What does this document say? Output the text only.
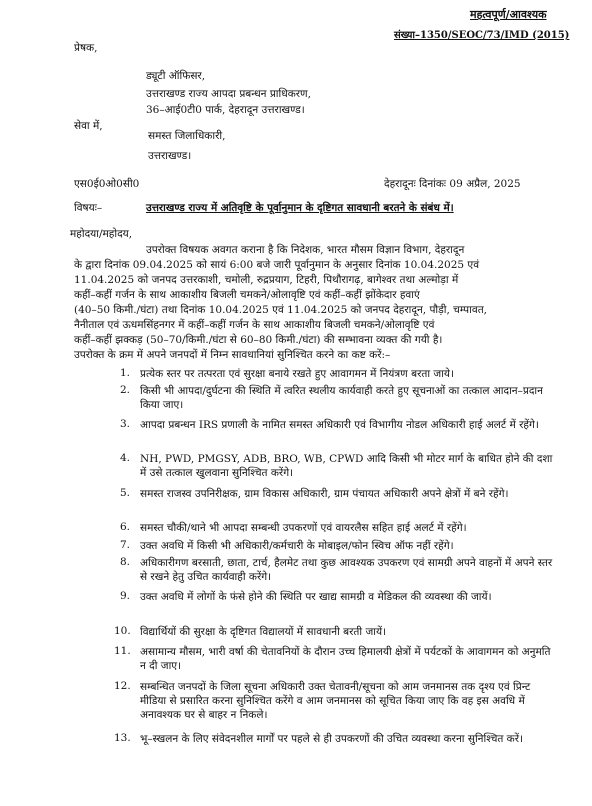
महत्वपूर्ण/आवश्यक
संख्या–1350/SEOC/73/IMD (2015)
प्रेषक,
ड्यूटी ऑफिसर,
उत्तराखण्ड राज्य आपदा प्रबन्धन प्राधिकरण,
36–आई0टी0 पार्क, देहरादून उत्तराखण्ड।
सेवा में,
समस्त जिलाधिकारी,
उत्तराखण्ड।
एस0ई0ओ0सी0	देहरादूनः दिनांकः 09 अप्रैल, 2025
विषयः–	उत्तराखण्ड राज्य में अतिवृष्टि के पूर्वानुमान के दृष्टिगत सावधानी बरतने के संबंध में।
महोदया/महोदय,
उपरोक्त विषयक अवगत कराना है कि निदेशक, भारत मौसम विज्ञान विभाग, देहरादून
के द्वारा दिनांक 09.04.2025 को सायं 6:00 बजे जारी पूर्वानुमान के अनुसार दिनांक 10.04.2025 एवं
11.04.2025 को जनपद उत्तरकाशी, चमोली, रुद्रप्रयाग, टिहरी, पिथौरागढ़, बागेश्वर तथा अल्मोड़ा में
कहीं–कहीं गर्जन के साथ आकाशीय बिजली चमकने/ओलावृष्टि एवं कहीं–कहीं झोंकेदार हवाएं
(40–50 किमी./घंटा) तथा दिनांक 10.04.2025 एवं 11.04.2025 को जनपद देहरादून, पौड़ी, चम्पावत,
नैनीताल एवं ऊधमसिंहनगर में कहीं–कहीं गर्जन के साथ आकाशीय बिजली चमकने/ओलावृष्टि एवं
कहीं–कहीं झक्कड़ (50–70/किमी./घंटा से 60–80 किमी./घंटा) की सम्भावना व्यक्त की गयी है।
उपरोक्त के क्रम में अपने जनपदों में निम्न सावधानियां सुनिश्चित करने का कष्ट करें:–
1. प्रत्येक स्तर पर तत्परता एवं सुरक्षा बनाये रखते हुए आवागमन में नियंत्रण बरता जाये।
2. किसी भी आपदा/दुर्घटना की स्थिति में त्वरित स्थलीय कार्यवाही करते हुए सूचनाओं का तत्काल आदान–प्रदान किया जाए।
3. आपदा प्रबन्धन IRS प्रणाली के नामित समस्त अधिकारी एवं विभागीय नोडल अधिकारी हाई अलर्ट में रहेंगे।
4. NH, PWD, PMGSY, ADB, BRO, WB, CPWD आदि किसी भी मोटर मार्ग के बाधित होने की दशा में उसे तत्काल खुलवाना सुनिश्चित करेंगे।
5. समस्त राजस्व उपनिरीक्षक, ग्राम विकास अधिकारी, ग्राम पंचायत अधिकारी अपने क्षेत्रों में बने रहेंगे।
6. समस्त चौकी/थाने भी आपदा सम्बन्धी उपकरणों एवं वायरलैस सहित हाई अलर्ट में रहेंगे।
7. उक्त अवधि में किसी भी अधिकारी/कर्मचारी के मोबाइल/फोन स्विच ऑफ नहीं रहेंगे।
8. अधिकारीगण बरसाती, छाता, टार्च, हैलमेट तथा कुछ आवश्यक उपकरण एवं सामग्री अपने वाहनों में अपने स्तर से रखने हेतु उचित कार्यवाही करेंगे।
9. उक्त अवधि में लोगों के फंसे होने की स्थिति पर खाद्य सामग्री व मेडिकल की व्यवस्था की जायें।
10. विद्यार्थियों की सुरक्षा के दृष्टिगत विद्यालयों में सावधानी बरती जायें।
11. असामान्य मौसम, भारी वर्षा की चेतावनियों के दौरान उच्च हिमालयी क्षेत्रों में पर्यटकों के आवागमन को अनुमति न दी जाए।
12. सम्बन्धित जनपदों के जिला सूचना अधिकारी उक्त चेतावनी/सूचना को आम जनमानस तक दृश्य एवं प्रिन्ट मीडिया से प्रसारित करना सुनिश्चित करेंगे व आम जनमानस को सूचित किया जाए कि वह इस अवधि में अनावश्यक घर से बाहर न निकले।
13. भू–स्खलन के लिए संवेदनशील मार्गों पर पहले से ही उपकरणों की उचित व्यवस्था करना सुनिश्चित करें।
